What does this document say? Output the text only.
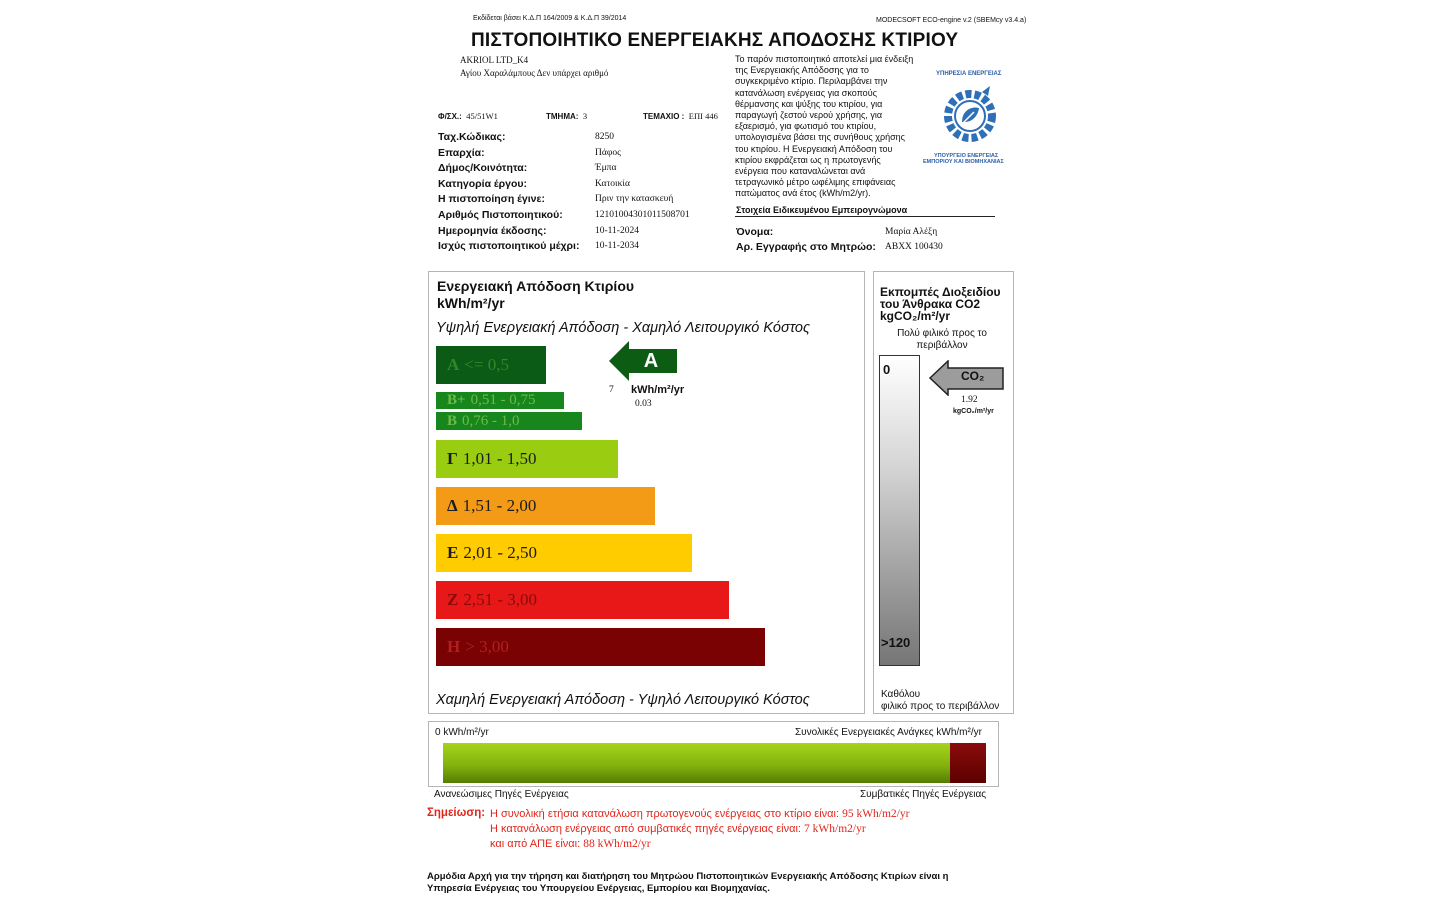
Εκδίδεται βάσει Κ.Δ.Π 164/2009 & Κ.Δ.Π 39/2014	MODECSOFT ECO-engine v.2 (SBEMcy v3.4.a)
ΠΙΣΤΟΠΟΙΗΤΙΚΟ ΕΝΕΡΓΕΙΑΚΗΣ ΑΠΟΔΟΣΗΣ ΚΤΙΡΙΟΥ
AKRIOL LTD_K4
Αγίου Χαραλάμπους Δεν υπάρχει αριθμό
Φ/ΣΧ.: 45/51W1	ΤΜΗΜΑ: 3	ΤΕΜΑΧΙΟ : ΕΠΙ 446
Ταχ.Κώδικας:	8250
Επαρχία:	Πάφος
Δήμος/Κοινότητα:	Έμπα
Κατηγορία έργου:	Κατοικία
Η πιστοποίηση έγινε:	Πριν την κατασκευή
Αριθμός Πιστοποιητικού:	12101004301011508701
Ημερομηνία έκδοσης:	10-11-2024
Ισχύς πιστοποιητικού μέχρι: 10-11-2034
Το παρόν πιστοποιητικό αποτελεί μια ένδειξη της Ενεργειακής Απόδοσης για το συγκεκριμένο κτίριο. Περιλαμβάνει την κατανάλωση ενέργειας για σκοπούς θέρμανσης και ψύξης του κτιρίου, για παραγωγή ζεστού νερού χρήσης, για εξαερισμό, για φωτισμό του κτιρίου, υπολογισμένα βάσει της συνήθους χρήσης του κτιρίου. Η Ενεργειακή Απόδοση του κτιρίου εκφράζεται ως η πρωτογενής ενέργεια που καταναλώνεται ανά τετραγωνικό μέτρο ωφέλιμης επιφάνειας πατώματος ανά έτος (kWh/m2/yr).
ΥΠΗΡΕΣΙΑ ΕΝΕΡΓΕΙΑΣ
ΥΠΟΥΡΓΕΙΟ ΕΝΕΡΓΕΙΑΣ
ΕΜΠΟΡΙΟΥ ΚΑΙ ΒΙΟΜΗΧΑΝΙΑΣ
Στοιχεία Ειδικευμένου Εμπειρογνώμονα
Όνομα:	Μαρία Αλέξη
Αρ. Εγγραφής στο Μητρώο: ΑΒΧΧ 100430
Ενεργειακή Απόδοση Κτιρίου
kWh/m²/yr
Υψηλή Ενεργειακή Απόδοση - Χαμηλό Λειτουργικό Κόστος
Α <= 0,5
Β+ 0,51 - 0,75
Β 0,76 - 1,0
Γ 1,01 - 1,50
Δ 1,51 - 2,00
Ε 2,01 - 2,50
Ζ 2,51 - 3,00
Η > 3,00
A
7 kWh/m²/yr
0.03
Χαμηλή Ενεργειακή Απόδοση - Υψηλό Λειτουργικό Κόστος
Εκπομπές Διοξειδίου
του Άνθρακα CO2
kgCO₂/m²/yr
Πολύ φιλικό προς το περιβάλλον
0
>120
CO₂
1.92
kgCO₂/m²/yr
Καθόλου
φιλικό προς το περιβάλλον
0 kWh/m²/yr	Συνολικές Ενεργειακές Ανάγκες kWh/m²/yr
Ανανεώσιμες Πηγές Ενέργειας	Συμβατικές Πηγές Ενέργειας
Σημείωση: Η συνολική ετήσια κατανάλωση πρωτογενούς ενέργειας στο κτίριο είναι: 95 kWh/m2/yr
Η κατανάλωση ενέργειας από συμβατικές πηγές ενέργειας είναι: 7 kWh/m2/yr
και από ΑΠΕ είναι: 88 kWh/m2/yr
Αρμόδια Αρχή για την τήρηση και διατήρηση του Μητρώου Πιστοποιητικών Ενεργειακής Απόδοσης Κτιρίων είναι η
Υπηρεσία Ενέργειας του Υπουργείου Ενέργειας, Εμπορίου και Βιομηχανίας.
